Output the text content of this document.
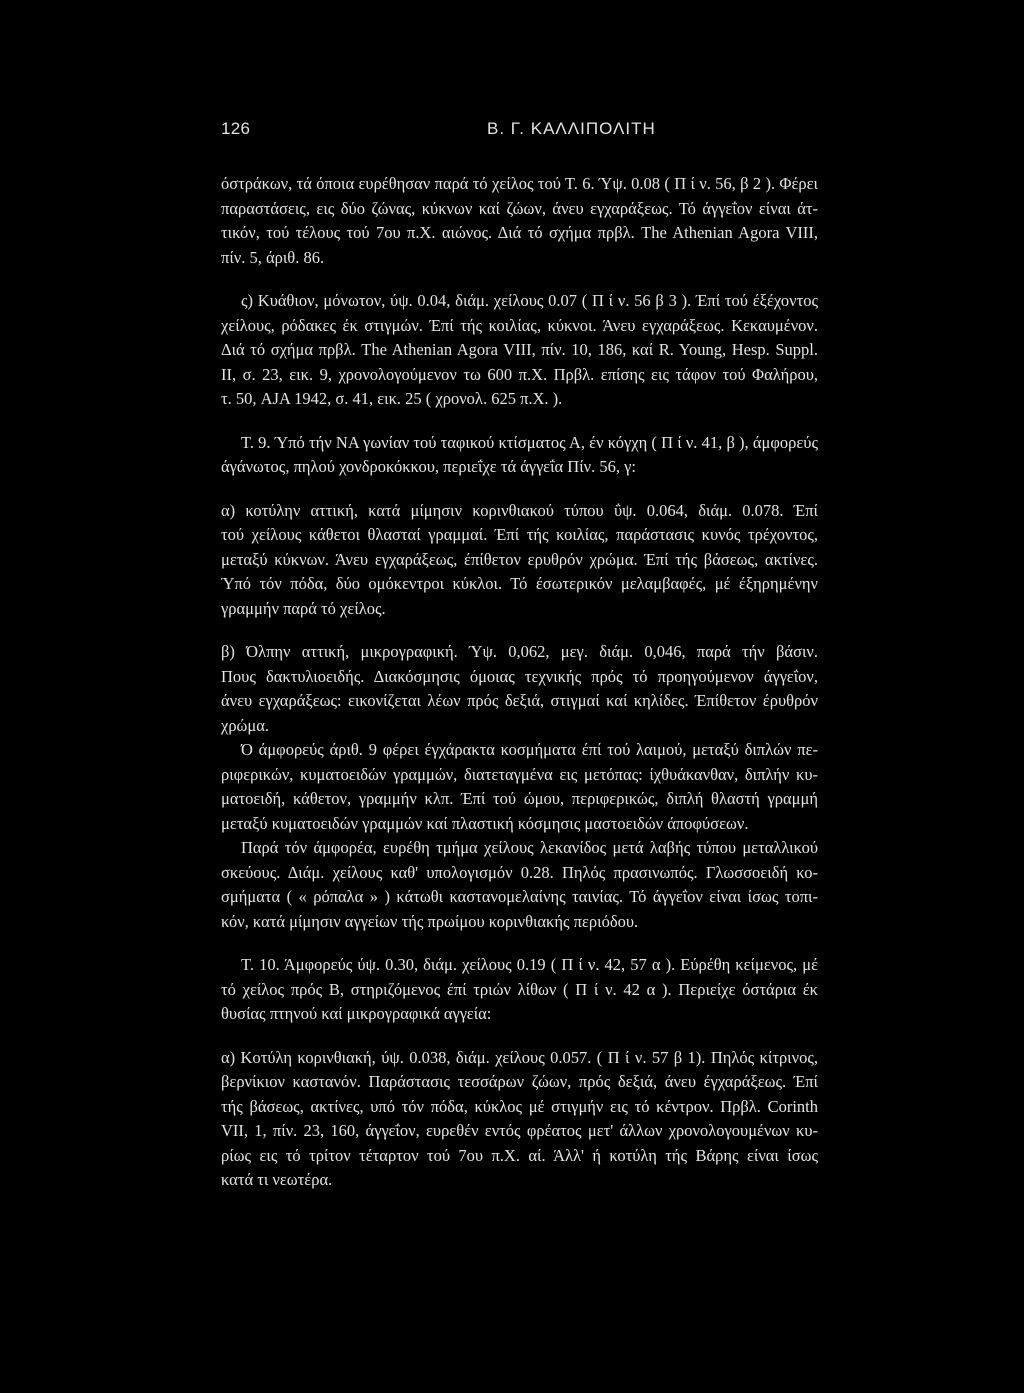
126	Β. Γ. ΚΑΛΛΙΠΟΛΙΤΗ
όστράκων, τά όποια ευρέθησαν παρά τό χείλος τού Τ. 6. Ύψ. 0.08 ( Π ί ν. 56, β 2 ). Φέρει
παραστάσεις, εις δύο ζώνας, κύκνων καί ζώων, άνευ εγχαράξεως. Τό άγγεΐον είναι άτ-
τικόν, τού τέλους τού 7ου π.Χ. αιώνος. Διά τό σχήμα πρβλ. The Athenian Agora VIII,
πίν. 5, άριθ. 86.
ς) Κυάθιον, μόνωτον, ύψ. 0.04, διάμ. χείλους 0.07 ( Π ί ν. 56 β 3 ). Έπί τού έξέχοντος
χείλους, ρόδακες έκ στιγμών. Έπί τής κοιλίας, κύκνοι. Άνευ εγχαράξεως. Κεκαυμένον.
Διά τό σχήμα πρβλ. The Athenian Agora VIII, πίν. 10, 186, καί R. Young, Hesp. Suppl.
II, σ. 23, εικ. 9, χρονολογούμενον τω 600 π.Χ. Πρβλ. επίσης εις τάφον τού Φαλήρου,
τ. 50, AJA 1942, σ. 41, εικ. 25 ( χρονολ. 625 π.Χ. ).
Τ. 9. Ύπό τήν ΝΑ γωνίαν τού ταφικού κτίσματος Α, έν κόγχη ( Π ί ν. 41, β ), άμφορεύς
άγάνωτος, πηλού χονδροκόκκου, περιεΐχε τά άγγεΐα Πίν. 56, γ:
α) κοτύλην αττική, κατά μίμησιν κορινθιακού τύπου ΰψ. 0.064, διάμ. 0.078. Έπί
τού χείλους κάθετοι θλασταί γραμμαί. Έπί τής κοιλίας, παράστασις κυνός τρέχοντος,
μεταξύ κύκνων. Άνευ εγχαράξεως, έπίθετον ερυθρόν χρώμα. Έπί τής βάσεως, ακτίνες.
Ύπό τόν πόδα, δύο ομόκεντροι κύκλοι. Τό έσωτερικόν μελαμβαφές, μέ έξηρημένην
γραμμήν παρά τό χείλος.
β) Όλπην αττική, μικρογραφική. Ύψ. 0,062, μεγ. διάμ. 0,046, παρά τήν βάσιν.
Πους δακτυλιοειδής. Διακόσμησις όμοιας τεχνικής πρός τό προηγούμενον άγγεΐον,
άνευ εγχαράξεως: εικονίζεται λέων πρός δεξιά, στιγμαί καί κηλίδες. Έπίθετον έρυθρόν
χρώμα.
Ό άμφορεύς άριθ. 9 φέρει έγχάρακτα κοσμήματα έπί τού λαιμού, μεταξύ διπλών πε-
ριφερικών, κυματοειδών γραμμών, διατεταγμένα εις μετόπας: ίχθυάκανθαν, διπλήν κυ-
ματοειδή, κάθετον, γραμμήν κλπ. Έπί τού ώμου, περιφερικώς, διπλή θλαστή γραμμή
μεταξύ κυματοειδών γραμμών καί πλαστική κόσμησις μαστοειδών άποφύσεων.
Παρά τόν άμφορέα, ευρέθη τμήμα χείλους λεκανίδος μετά λαβής τύπου μεταλλικού
σκεύους. Διάμ. χείλους καθ' υπολογισμόν 0.28. Πηλός πρασινωπός. Γλωσσοειδή κο-
σμήματα ( « ρόπαλα » ) κάτωθι καστανομελαίνης ταινίας. Τό άγγεΐον είναι ίσως τοπι-
κόν, κατά μίμησιν αγγείων τής πρωίμου κορινθιακής περιόδου.
Τ. 10. Άμφορεύς ύψ. 0.30, διάμ. χείλους 0.19 ( Π ί ν. 42, 57 α ). Εύρέθη κείμενος, μέ
τό χείλος πρός Β, στηριζόμενος έπί τριών λίθων ( Π ί ν. 42 α ). Περιείχε όστάρια έκ
θυσίας πτηνού καί μικρογραφικά αγγεία:
α) Κοτύλη κορινθιακή, ύψ. 0.038, διάμ. χείλους 0.057. ( Π ί ν. 57 β 1). Πηλός κίτρινος,
βερνίκιον καστανόν. Παράστασις τεσσάρων ζώων, πρός δεξιά, άνευ έγχαράξεως. Έπί
τής βάσεως, ακτίνες, υπό τόν πόδα, κύκλος μέ στιγμήν εις τό κέντρον. Πρβλ. Corinth
VII, 1, πίν. 23, 160, άγγεΐον, ευρεθέν εντός φρέατος μετ' άλλων χρονολογουμένων κυ-
ρίως εις τό τρίτον τέταρτον τού 7ου π.Χ. αί. Άλλ' ή κοτύλη τής Βάρης είναι ίσως
κατά τι νεωτέρα.
